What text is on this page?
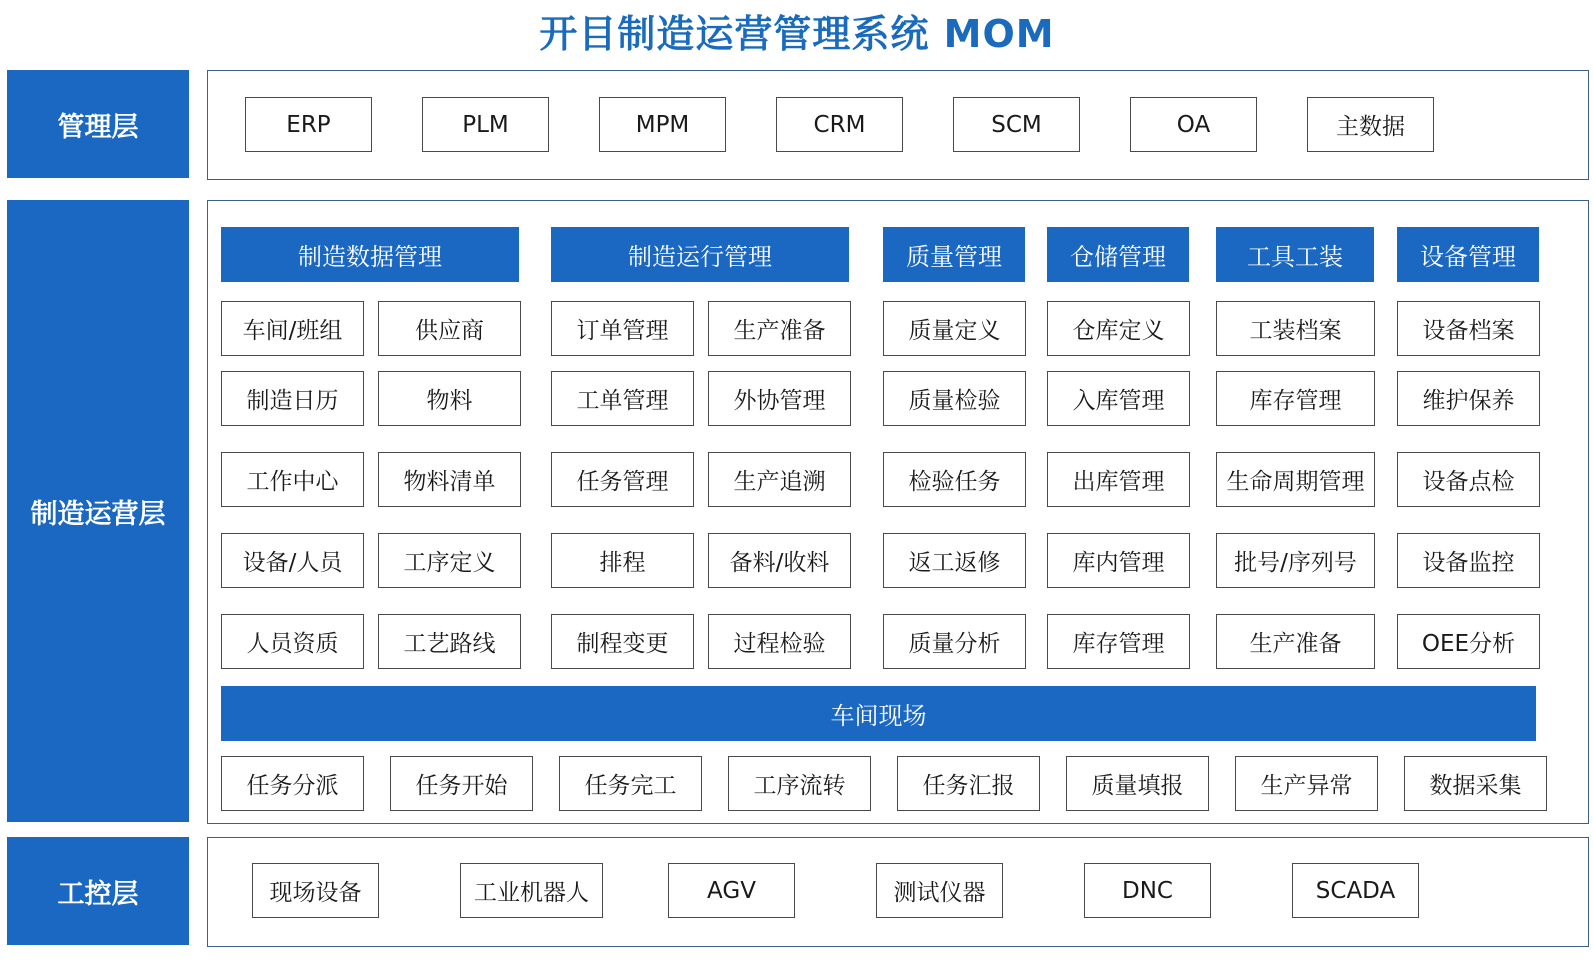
开目制造运营管理系统 MOM
管理层	ERP	PLM	MPM	CRM	SCM	OA	主数据
制造运营层
制造数据管理	制造运行管理	质量管理	仓储管理	工具工装	设备管理
车间/班组	供应商	订单管理	生产准备	质量定义	仓库定义	工装档案	设备档案
制造日历	物料	工单管理	外协管理	质量检验	入库管理	库存管理	维护保养
工作中心	物料清单	任务管理	生产追溯	检验任务	出库管理	生命周期管理	设备点检
设备/人员	工序定义	排程	备料/收料	返工返修	库内管理	批号/序列号	设备监控
人员资质	工艺路线	制程变更	过程检验	质量分析	库存管理	生产准备	OEE分析
车间现场
任务分派	任务开始	任务完工	工序流转	任务汇报	质量填报	生产异常	数据采集
工控层	现场设备	工业机器人	AGV	测试仪器	DNC	SCADA
